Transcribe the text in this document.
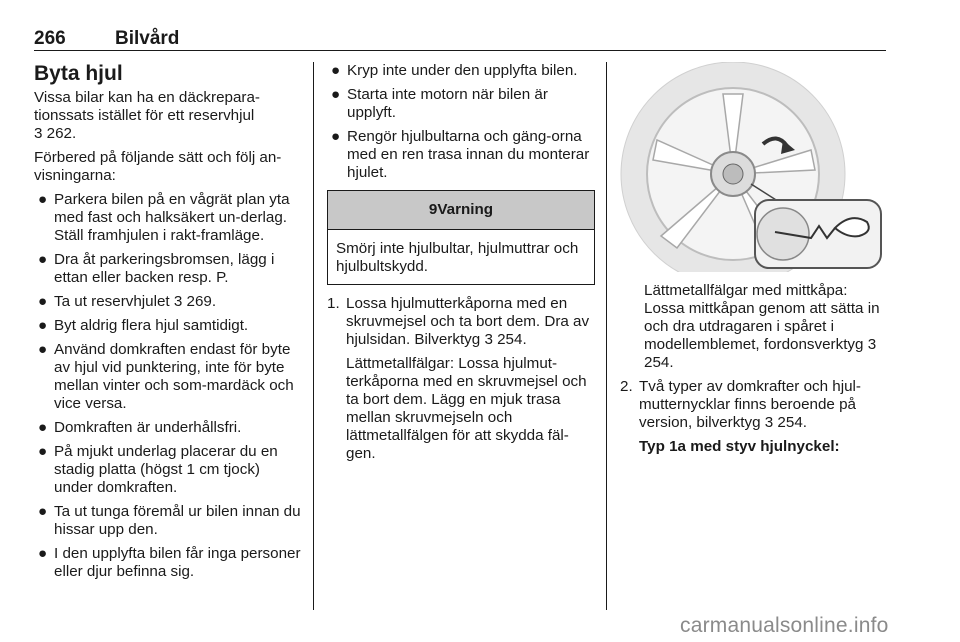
266	Bilvård
Byta hjul

Vissa bilar kan ha en däckrepara-tionssats istället för ett reservhjul
3 262.

Förbered på följande sätt och följ an-visningarna:

● Parkera bilen på en vågrät plan yta med fast och halksäkert un-derlag. Ställ framhjulen i rakt-framläge.
● Dra åt parkeringsbromsen, lägg i ettan eller backen resp. P.
● Ta ut reservhjulet 3 269.
● Byt aldrig flera hjul samtidigt.
● Använd domkraften endast för byte av hjul vid punktering, inte för byte mellan vinter och som-mardäck och vice versa.
● Domkraften är underhållsfri.
● På mjukt underlag placerar du en stadig platta (högst 1 cm tjock) under domkraften.
● Ta ut tunga föremål ur bilen innan du hissar upp den.
● I den upplyfta bilen får inga personer eller djur befinna sig.
● Kryp inte under den upplyfta bilen.
● Starta inte motorn när bilen är upplyft.
● Rengör hjulbultarna och gäng-orna med en ren trasa innan du monterar hjulet.
9Varning
Smörj inte hjulbultar, hjulmuttrar och hjulbultskydd.
1. Lossa hjulmutterkåporna med en skruvmejsel och ta bort dem. Dra av hjulsidan. Bilverktyg 3 254.

Lättmetallfälgar: Lossa hjulmut-terkåporna med en skruvmejsel och ta bort dem. Lägg en mjuk trasa mellan skruvmejseln och lättmetallfälgen för att skydda fäl-gen.

Lättmetallfälgar med mittkåpa: Lossa mittkåpan genom att sätta in och dra utdragaren i spåret i modellemblemet, fordonsverktyg 3 254.

2. Två typer av domkrafter och hjul-mutternycklar finns beroende på version, bilverktyg 3 254.

Typ 1a med styv hjulnyckel:

carmanualsonline.info
